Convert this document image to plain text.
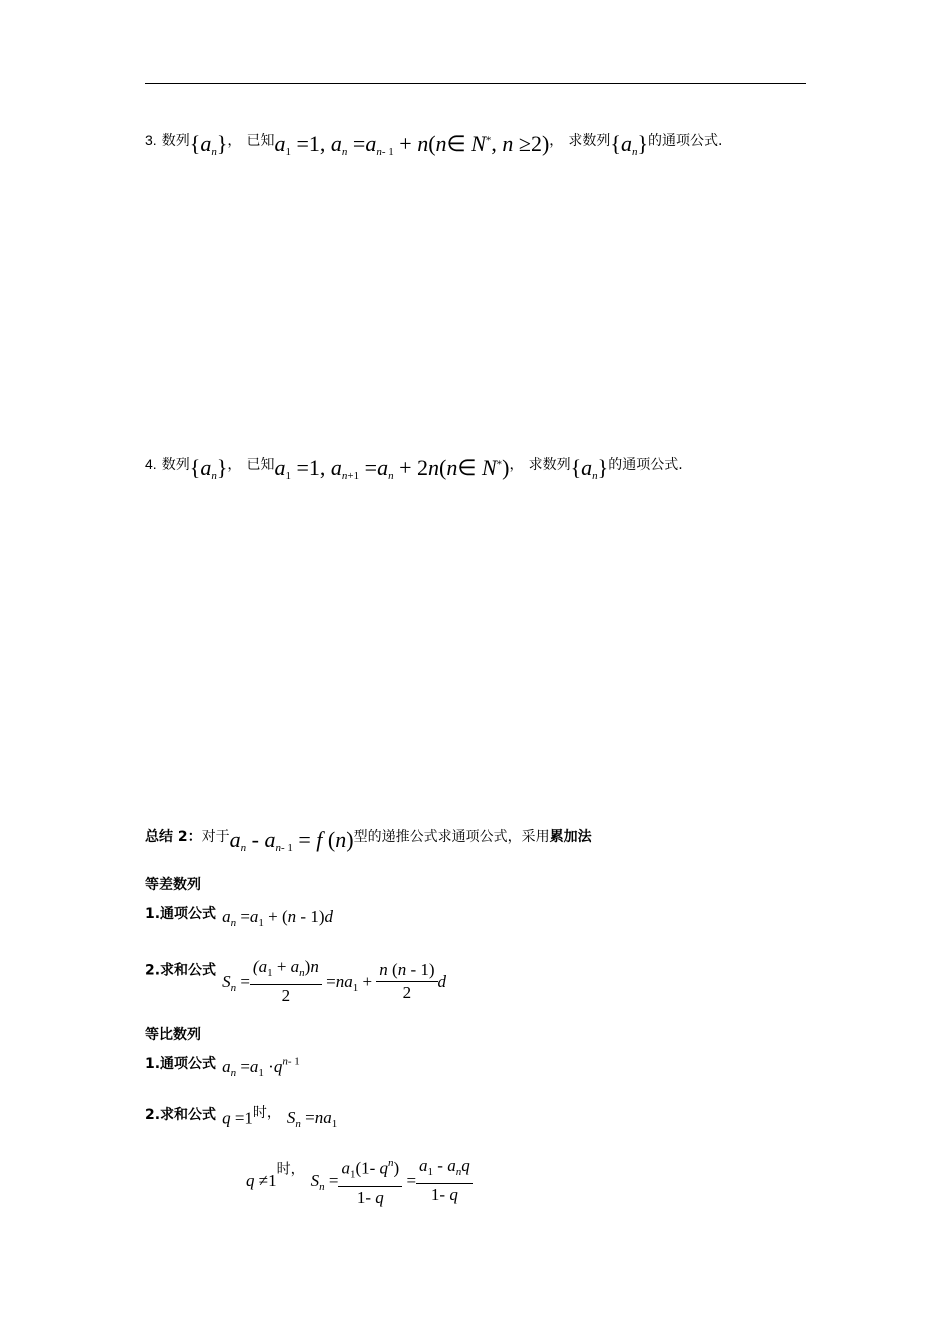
3. 数列$\{a_n\}$， 已知$a_1 =1$, $a_n =a_{n- 1}$ + n(n∈ N*, n ≥2)， 求数列$\{a_n\}$的通项公式.
4. 数列$\{a_n\}$， 已知$a_1 =1$, $a_{n+1} =a_n$ + 2n(n∈ N*)， 求数列$\{a_n\}$的通项公式.
总结 2：对于$a_n - a_{n- 1} = f$ (n)型的递推公式求通项公式，采用累加法
等差数列
1.通项公式 $a_n =a_1 + (n - 1)d$
2.求和公式$S_n = \frac{(a_1 + a_n)n}{2} =na_1 + \frac{n (n - 1)}{2}$ d
等比数列
1.通项公式 $a_n =a_1 \cdot q^{n- 1}$
2.求和公式 q =1时， $S_n =na_1$
q ≠1时，$S_n = \frac{a_1(1- q^n)}{1- q} = \frac{a_1 - a_nq}{1- q}$
